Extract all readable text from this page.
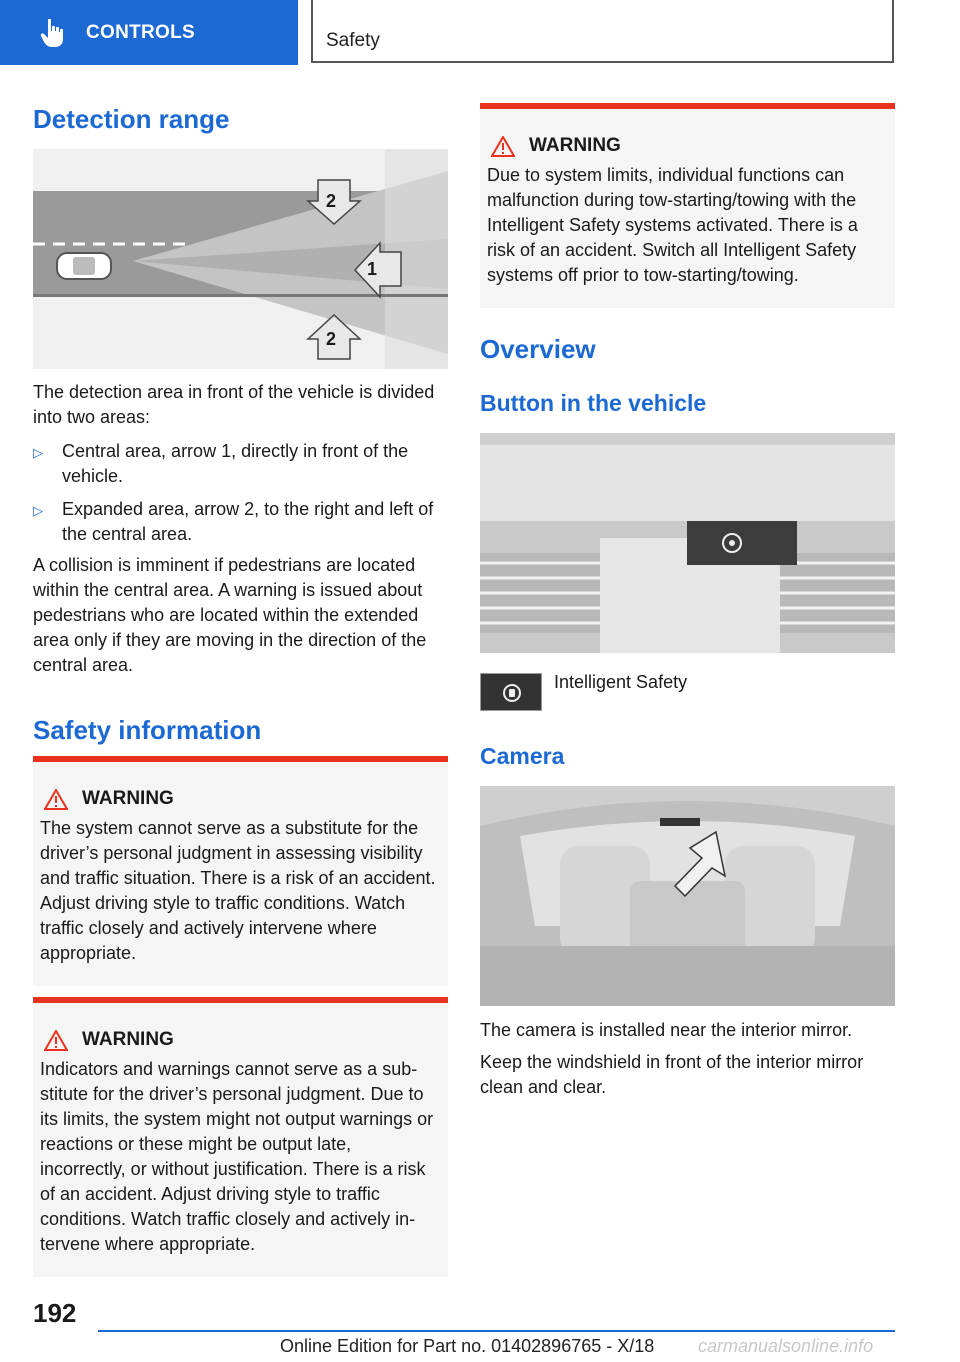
CONTROLS	Safety
Detection range
2
1
2

The detection area in front of the vehicle is divided into two areas:

▷	Central area, arrow 1, directly in front of the vehicle.
▷	Expanded area, arrow 2, to the right and left of the central area.

A collision is imminent if pedestrians are located within the central area. A warning is issued about pedestrians who are located within the extended area only if they are moving in the direction of the central area.

Safety information
WARNING
The system cannot serve as a substitute for the driver’s personal judgment in assessing visibility and traffic situation. There is a risk of an accident. Adjust driving style to traffic conditions. Watch traffic closely and actively intervene where appropriate.
WARNING
Indicators and warnings cannot serve as a substitute for the driver’s personal judgment. Due to its limits, the system might not output warnings or reactions or these might be output late, incorrectly, or without justification. There is a risk of an accident. Adjust driving style to traffic conditions. Watch traffic closely and actively intervene where appropriate.
WARNING
Due to system limits, individual functions can malfunction during tow-starting/towing with the Intelligent Safety systems activated. There is a risk of an accident. Switch all Intelligent Safety systems off prior to tow-starting/towing.
Overview
Button in the vehicle
Intelligent Safety
Camera

The camera is installed near the interior mirror.

Keep the windshield in front of the interior mirror clean and clear.

192
Online Edition for Part no. 01402896765 - X/18 carmanualsonline.info
